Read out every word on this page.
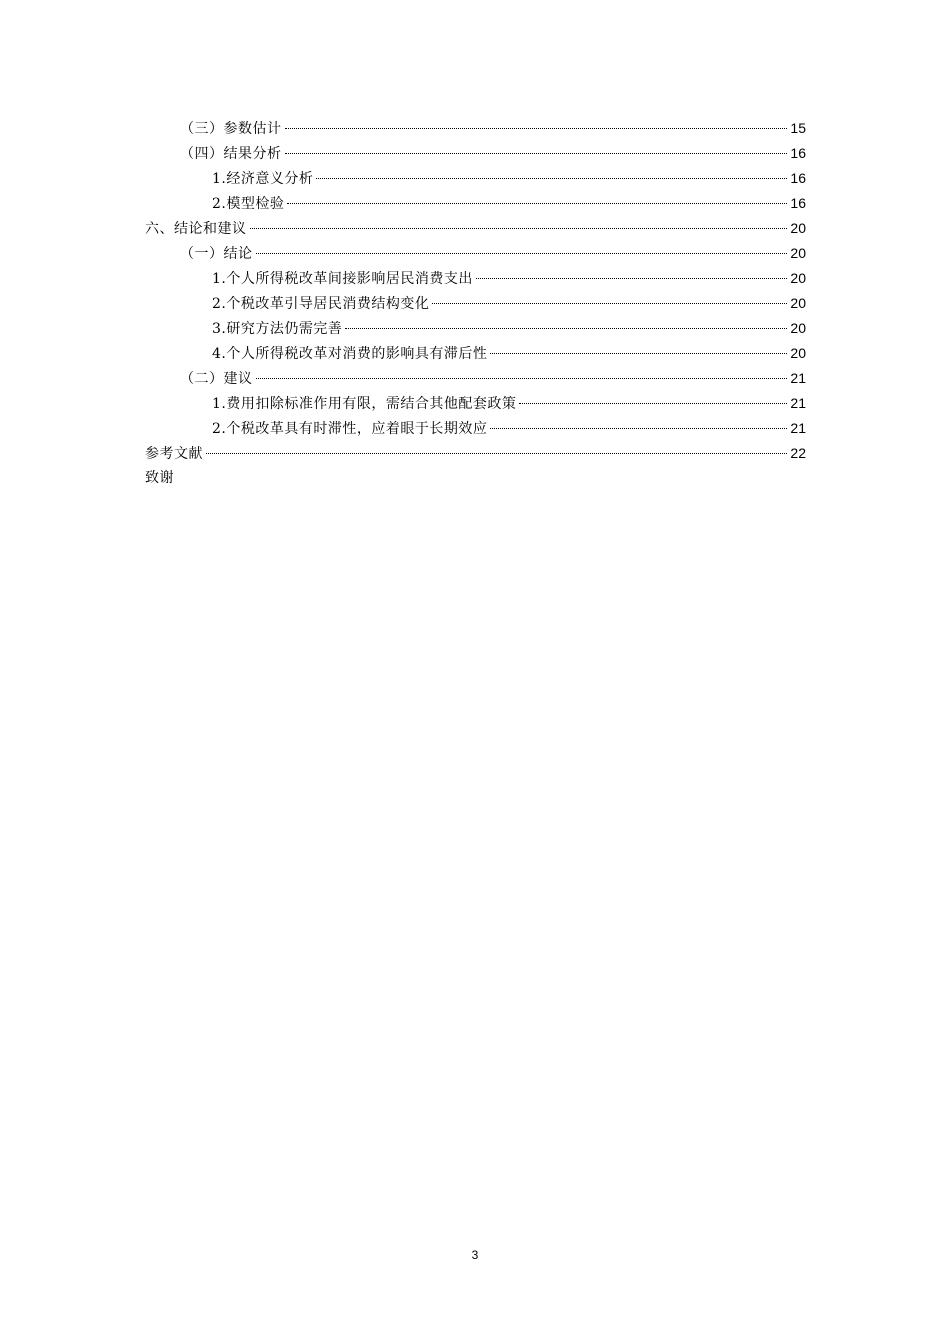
（三）参数估计	15
（四）结果分析	16
1.经济意义分析	16
2.模型检验	16
六、结论和建议	20
（一）结论	20
1.个人所得税改革间接影响居民消费支出	20
2.个税改革引导居民消费结构变化	20
3.研究方法仍需完善	20
4.个人所得税改革对消费的影响具有滞后性	20
（二）建议	21
1.费用扣除标准作用有限，需结合其他配套政策	21
2.个税改革具有时滞性，应着眼于长期效应	21
参考文献	22
致谢
3
